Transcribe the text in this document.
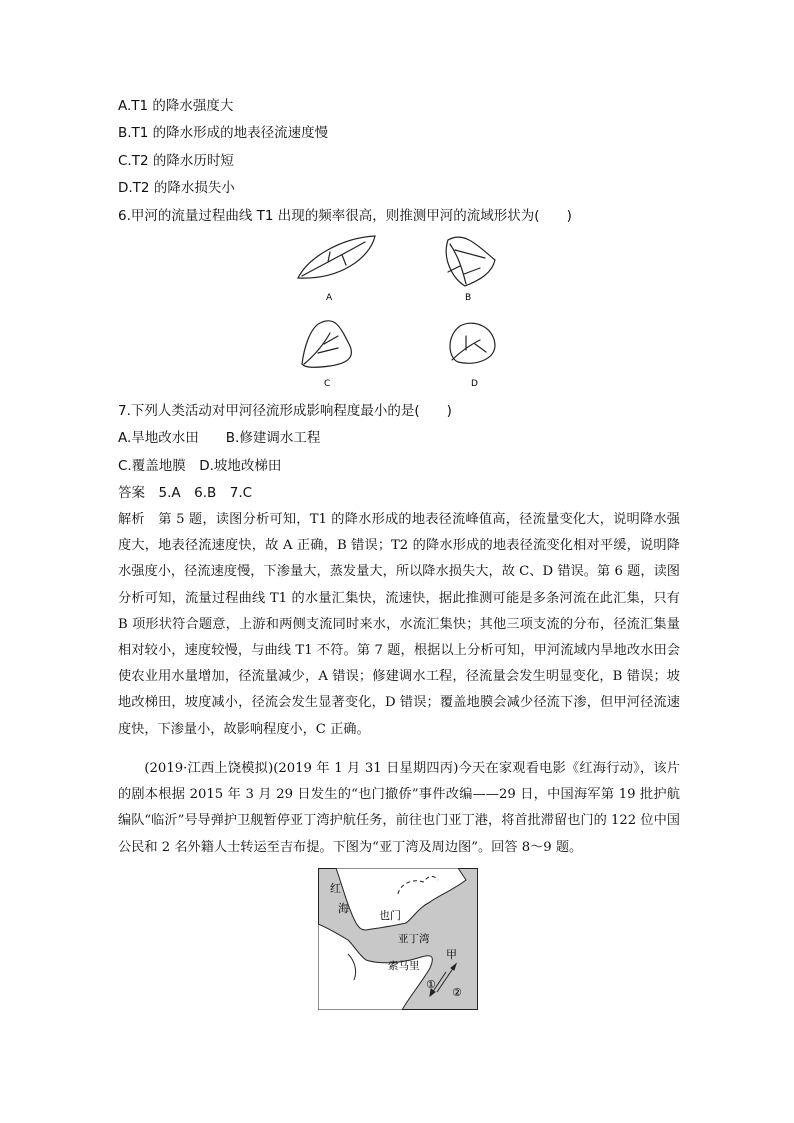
A.T1 的降水强度大
B.T1 的降水形成的地表径流速度慢
C.T2 的降水历时短
D.T2 的降水损失小
6.甲河的流量过程曲线 T1 出现的频率很高，则推测甲河的流域形状为(　　)
A	B
C	D
7.下列人类活动对甲河径流形成影响程度最小的是(　　)
A.旱地改水田　　B.修建调水工程
C.覆盖地膜　D.坡地改梯田
答案　5.A　6.B　7.C
解析　第 5 题，读图分析可知，T1 的降水形成的地表径流峰值高，径流量变化大，说明降水强度大，地表径流速度快，故 A 正确，B 错误；T2 的降水形成的地表径流变化相对平缓，说明降水强度小，径流速度慢，下渗量大，蒸发量大，所以降水损失大，故 C、D 错误。第 6 题，读图分析可知，流量过程曲线 T1 的水量汇集快，流速快，据此推测可能是多条河流在此汇集，只有 B 项形状符合题意，上游和两侧支流同时来水，水流汇集快；其他三项支流的分布，径流汇集量相对较小，速度较慢，与曲线 T1 不符。第 7 题，根据以上分析可知，甲河流域内旱地改水田会使农业用水量增加，径流量减少，A 错误；修建调水工程，径流量会发生明显变化，B 错误；坡地改梯田，坡度减小，径流会发生显著变化，D 错误；覆盖地膜会减少径流下渗，但甲河径流速度快，下渗量小，故影响程度小，C 正确。
(2019·江西上饶模拟)(2019 年 1 月 31 日星期四丙)今天在家观看电影《红海行动》，该片的剧本根据 2015 年 3 月 29 日发生的“也门撤侨”事件改编——29 日，中国海军第 19 批护航编队“临沂”号导弹护卫舰暂停亚丁湾护航任务，前往也门亚丁港，将首批滞留也门的 122 位中国公民和 2 名外籍人士转运至吉布提。下图为“亚丁湾及周边图”。回答 8～9 题。
红
海
也门
亚丁湾
甲
索马里
①
②
